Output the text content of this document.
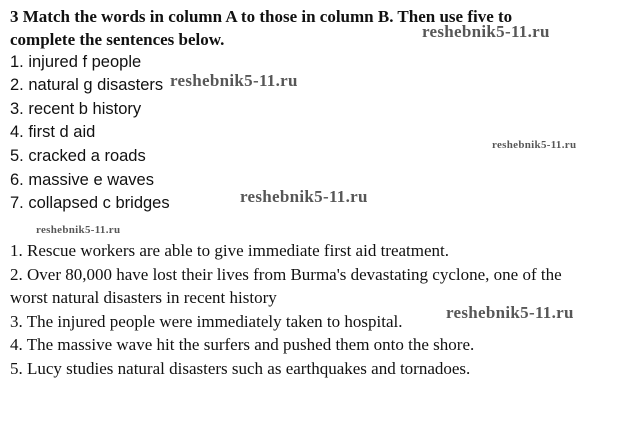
3 Match the words in column A to those in column B. Then use five to
complete the sentences below.
1. injured f people
2. natural g disasters
3. recent b history
4. first d aid
5. cracked a roads
6. massive e waves
7. collapsed c bridges
1. Rescue workers are able to give immediate first aid treatment.
2. Over 80,000 have lost their lives from Burma's devastating cyclone, one of the
worst natural disasters in recent history
3. The injured people were immediately taken to hospital.
4. The massive wave hit the surfers and pushed them onto the shore.
5. Lucy studies natural disasters such as earthquakes and tornadoes.
reshebnik5-11.ru
reshebnik5-11.ru
reshebnik5-11.ru
reshebnik5-11.ru
reshebnik5-11.ru
reshebnik5-11.ru
